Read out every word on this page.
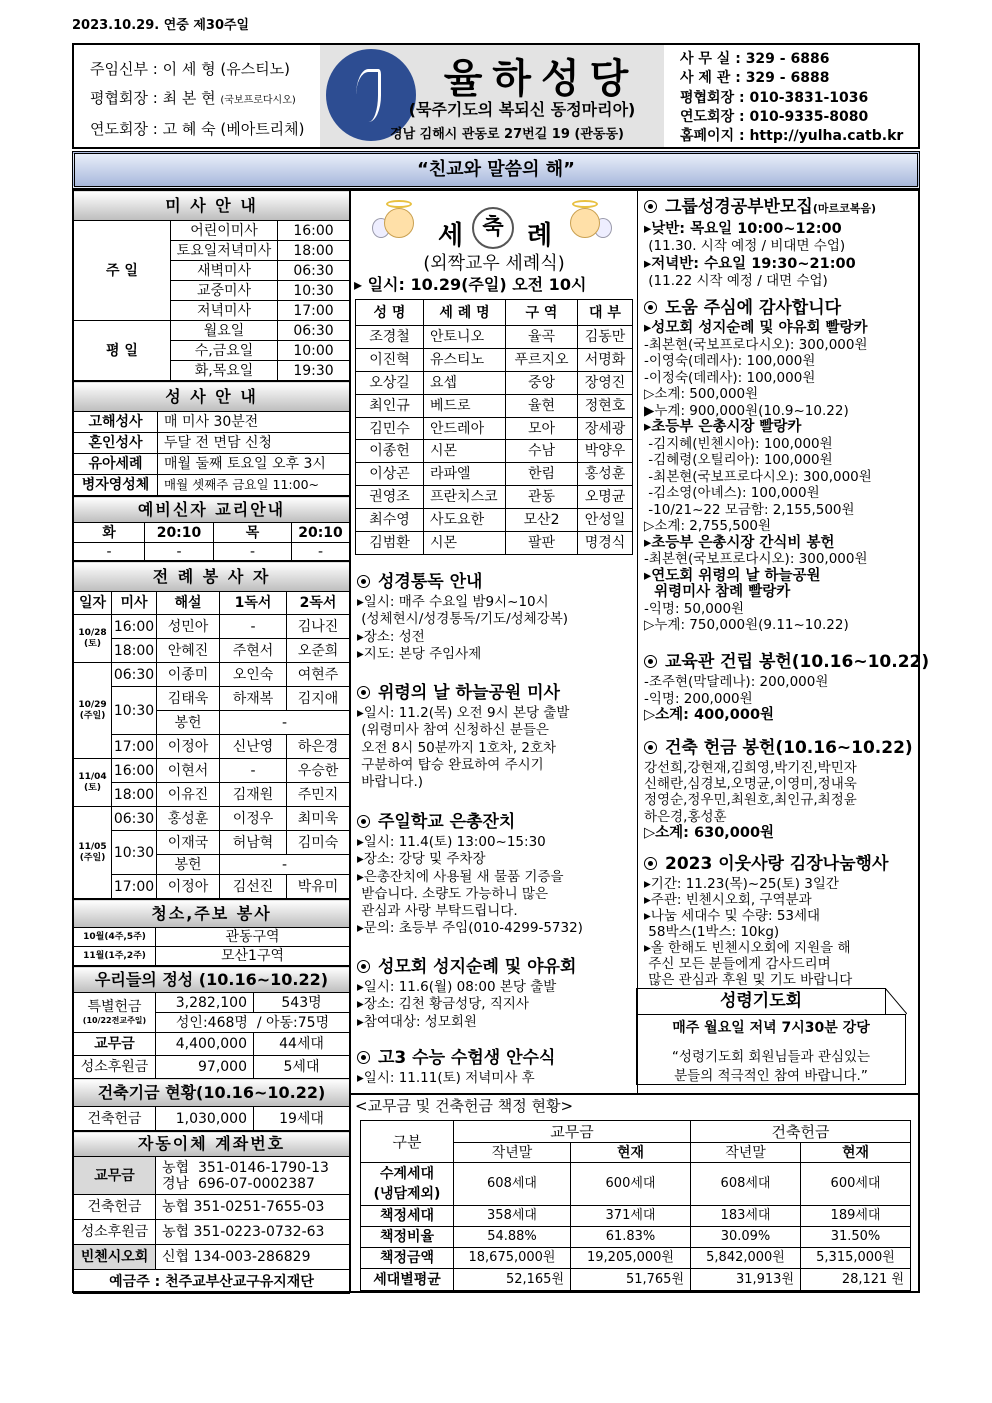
2023.10.29. 연중 제30주일
주임신부 : 이 세 형 (유스티노)
평협회장 : 최 본 현 (국보프로다시오)
연도회장 : 고 혜 숙 (베아트리체)
율하성당
(묵주기도의 복되신 동정마리아)
경남 김해시 관동로 27번길 19 (관동동)
사 무 실 : 329 - 6886
사 제 관 : 329 - 6888
평협회장 : 010-3831-1036
연도회장 : 010-9335-8080
홈페이지 : http://yulha.catb.kr
“친교와 말씀의 해”
미 사 안 내		
주 일	어린이미사	16:00
	토요일저녁미사	18:00
	새벽미사	06:30
	교중미사	10:30
	저녁미사	17:00
평 일	월요일	06:30
	수,금요일	10:00
	화,목요일	19:30
성 사 안 내	
고해성사	매 미사 30분전
혼인성사	두달 전 면담 신청
유아세례	매월 둘째 토요일 오후 3시
병자영성체	매월 셋째주 금요일 11:00~
예비신자 교리안내			
화	20:10	목	20:10
-	-	-	-
전 례 봉 사 자				
일자	미사	해설	1독서	2독서

10/28
(토)	16:00	성민아	-	김나진
	18:00	안혜진	주현서	오준희

10/29
(주일)	06:30	이종미	오인숙	여현주
	10:30	김태욱	하재복	김지애
		봉헌	-	
	17:00	이정아	신난영	하은경

11/04
(토)	16:00	이현서	-	우승한
	18:00	이유진	김재원	주민지

11/05
(주일)	06:30	홍성훈	이정우	최미욱
	10:30	이재국	허남혁	김미숙
		봉헌	-	
	17:00	이정아	김선진	박유미
청소,주보 봉사	
10월(4주,5주)	관동구역
11월(1주,2주)	모산1구역
우리들의 정성 (10.16~10.22)		

특별헌금
(10/22전교주일)	3,282,100	543명
	성인:468명  / 아동:75명	
교무금	4,400,000	44세대
성소후원금	97,000	5세대
건축기금 현황(10.16~10.22)		
건축헌금	1,030,000	19세대
자동이체 계좌번호	
교무금	농협  351-0146-1790-13
경남  696-07-0002387

건축헌금	농협 351-0251-7655-03
성소후원금	농협 351-0223-0732-63
빈첸시오회	신협 134-003-286829
예금주 : 천주교부산교구유지재단	
세 축 례
(외짝교우 세례식)
▸ 일시: 10.29(주일) 오전 10시
성 명	세 례 명	구 역	대 부
조경철	안토니오	율곡	김동만
이진혁	유스티노	푸르지오	서명화
오상길	요셉	중앙	장영진
최인규	베드로	율현	정현호
김민수	안드레아	모아	장세광
이종헌	시몬	수남	박양우
이상곤	라파엘	한림	홍성훈
권영조	프란치스코	관동	오명균
최수영	사도요한	모산2	안성일
김범환	시몬	팔판	명경식
성경통독 안내
▸일시: 매주 수요일 밤9시~10시
(성체현시/성경통독/기도/성체강복)
▸장소: 성전
▸지도: 본당 주임사제
위령의 날 하늘공원 미사
▸일시: 11.2(목) 오전 9시 본당 출발
(위령미사 참여 신청하신 분들은
오전 8시 50분까지 1호차, 2호차
구분하여 탑승 완료하여 주시기
바랍니다.)
주일학교 은총잔치
▸일시: 11.4(토) 13:00~15:30
▸장소: 강당 및 주차장
▸은총잔치에 사용될 새 물품 기증을
받습니다. 소량도 가능하니 많은
관심과 사랑 부탁드립니다.
▸문의: 초등부 주임(010-4299-5732)
성모회 성지순례 및 야유회
▸일시: 11.6(월) 08:00 본당 출발
▸장소: 김천 황금성당, 직지사
▸참여대상: 성모회원
고3 수능 수험생 안수식
▸일시: 11.11(토) 저녁미사 후
그룹성경공부반모집(마르코복음)
▸낮반: 목요일 10:00~12:00
(11.30. 시작 예정 / 비대면 수업)
▸저녁반: 수요일 19:30~21:00
(11.22 시작 예정 / 대면 수업)
도움 주심에 감사합니다
▸성모회 성지순례 및 야유회 빨랑카
-최본현(국보프로다시오): 300,000원
-이영숙(데레사): 100,000원
-이정숙(데레사): 100,000원
▷소계: 500,000원
▶누계: 900,000원(10.9~10.22)
▸초등부 은총시장 빨랑카
-김지혜(빈첸시아): 100,000원
-김혜령(오틸리아): 100,000원
-최본현(국보프로다시오): 300,000원
-김소영(아녜스): 100,000원
-10/21~22 모금함: 2,155,500원
▷소계: 2,755,500원
▸초등부 은총시장 간식비 봉헌
-최본현(국보프로다시오): 300,000원
▸연도회 위령의 날 하늘공원
위령미사 참례 빨랑카
-익명: 50,000원
▷누계: 750,000원(9.11~10.22)
교육관 건립 봉헌(10.16~10.22)
-조주현(막달레나): 200,000원
-익명: 200,000원
▷소계: 400,000원
건축 헌금 봉헌(10.16~10.22)
강선희,강현재,김희영,박기진,박민자
신해란,심경보,오명균,이영미,정내욱
정영순,정우민,최원호,최인규,최정윤
하은경,홍성훈
▷소계: 630,000원
2023 이웃사랑 김장나눔행사
▸기간: 11.23(목)~25(토) 3일간
▸주관: 빈첸시오회, 구역분과
▸나눔 세대수 및 수량: 53세대
58박스(1박스: 10kg)
▸올 한해도 빈첸시오회에 지원을 해
주신 모든 분들에게 감사드리며
많은 관심과 후원 및 기도 바랍니다
성령기도회
매주 월요일 저녁 7시30분 강당
“성령기도회 회원님들과 관심있는
분들의 적극적인 참여 바랍니다.”
<교무금 및 건축헌금 책정 현황>
구분	교무금		건축헌금	
	작년말	현재	작년말	현재

수계세대
(냉담제외)	608세대	600세대	608세대	600세대

책정세대	358세대	371세대	183세대	189세대

책정비율	54.88%	61.83%	30.09%	31.50%

책정금액	18,675,000원	19,205,000원	5,842,000원	5,315,000원

세대별평균	52,165원	51,765원	31,913원	28,121 원
